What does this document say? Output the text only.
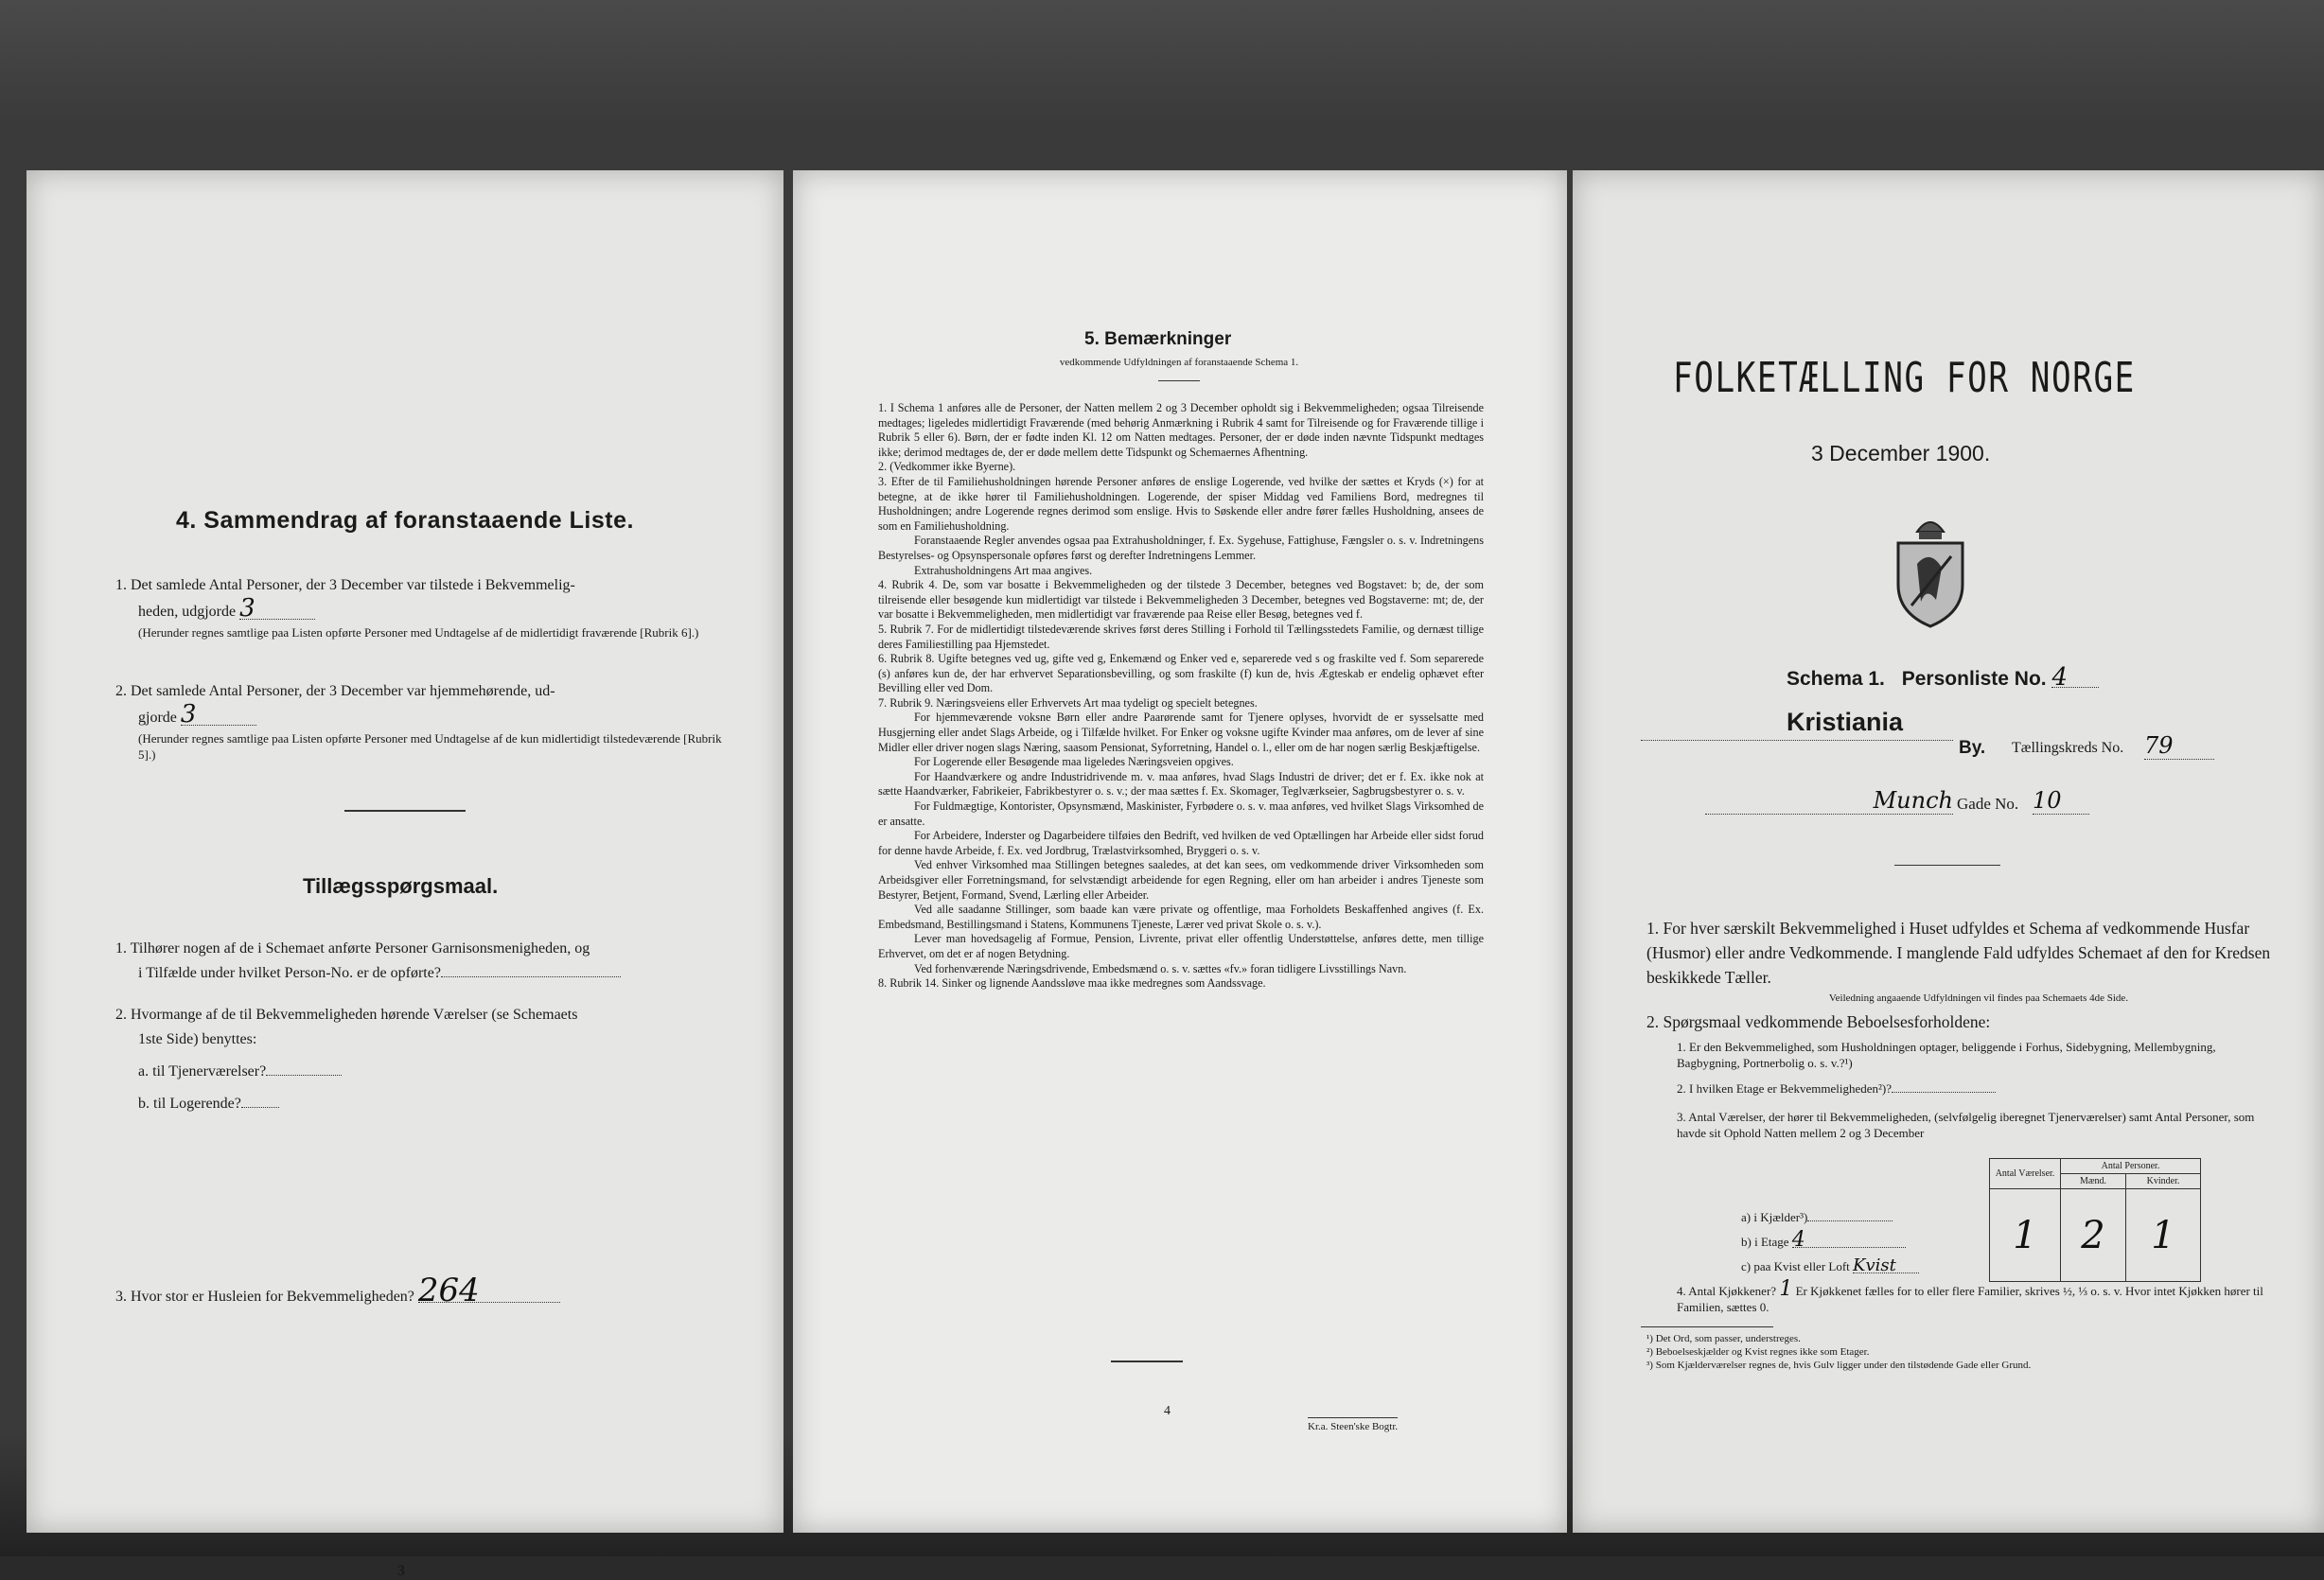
4. Sammendrag af foranstaaende Liste.
1. Det samlede Antal Personer, der 3 December var tilstede i Bekvemmelig-
heden, udgjorde 3
(Herunder regnes samtlige paa Listen opførte Personer med Undtagelse af de midlertidigt fraværende [Rubrik 6].)
2. Det samlede Antal Personer, der 3 December var hjemmehørende, ud-
gjorde 3
(Herunder regnes samtlige paa Listen opførte Personer med Undtagelse af de kun midlertidigt tilstedeværende [Rubrik 5].)
Tillægsspørgsmaal.
1. Tilhører nogen af de i Schemaet anførte Personer Garnisonsmenigheden, og
i Tilfælde under hvilket Person-No. er de opførte?
2. Hvormange af de til Bekvemmeligheden hørende Værelser (se Schemaets
1ste Side) benyttes:
a. til Tjenerværelser?
b. til Logerende?
3. Hvor stor er Husleien for Bekvemmeligheden? 264
3
5. Bemærkninger
vedkommende Udfyldningen af foranstaaende Schema 1.

1. I Schema 1 anføres alle de Personer, der Natten mellem 2 og 3 December opholdt sig i Bekvemmeligheden; ogsaa Tilreisende medtages; ligeledes midlertidigt Fraværende (med behørig Anmærkning i Rubrik 4 samt for Tilreisende og for Fraværende tillige i Rubrik 5 eller 6). Børn, der er fødte inden Kl. 12 om Natten medtages. Personer, der er døde inden nævnte Tidspunkt medtages ikke; derimod medtages de, der er døde mellem dette Tidspunkt og Schemaernes Afhentning.

2. (Vedkommer ikke Byerne).

3. Efter de til Familiehusholdningen hørende Personer anføres de enslige Logerende, ved hvilke der sættes et Kryds (×) for at betegne, at de ikke hører til Familiehusholdningen. Logerende, der spiser Middag ved Familiens Bord, medregnes til Husholdningen; andre Logerende regnes derimod som enslige. Hvis to Søskende eller andre fører fælles Husholdning, ansees de som en Familiehusholdning.

Foranstaaende Regler anvendes ogsaa paa Extrahusholdninger, f. Ex. Sygehuse, Fattighuse, Fængsler o. s. v. Indretningens Bestyrelses- og Opsynspersonale opføres først og derefter Indretningens Lemmer.

Extrahusholdningens Art maa angives.

4. Rubrik 4. De, som var bosatte i Bekvemmeligheden og der tilstede 3 December, betegnes ved Bogstavet: b; de, der som tilreisende eller besøgende kun midlertidigt var tilstede i Bekvemmeligheden 3 December, betegnes ved Bogstaverne: mt; de, der var bosatte i Bekvemmeligheden, men midlertidigt var fraværende paa Reise eller Besøg, betegnes ved f.

5. Rubrik 7. For de midlertidigt tilstedeværende skrives først deres Stilling i Forhold til Tællingsstedets Familie, og dernæst tillige deres Familiestilling paa Hjemstedet.

6. Rubrik 8. Ugifte betegnes ved ug, gifte ved g, Enkemænd og Enker ved e, separerede ved s og fraskilte ved f. Som separerede (s) anføres kun de, der har erhvervet Separationsbevilling, og som fraskilte (f) kun de, hvis Ægteskab er endelig ophævet efter Bevilling eller ved Dom.

7. Rubrik 9. Næringsveiens eller Erhvervets Art maa tydeligt og specielt betegnes.

For hjemmeværende voksne Børn eller andre Paarørende samt for Tjenere oplyses, hvorvidt de er sysselsatte med Husgjerning eller andet Slags Arbeide, og i Tilfælde hvilket. For Enker og voksne ugifte Kvinder maa anføres, om de lever af sine Midler eller driver nogen slags Næring, saasom Pensionat, Syforretning, Handel o. l., eller om de har nogen særlig Beskjæftigelse.

For Logerende eller Besøgende maa ligeledes Næringsveien opgives.

For Haandværkere og andre Industridrivende m. v. maa anføres, hvad Slags Industri de driver; det er f. Ex. ikke nok at sætte Haandværker, Fabrikeier, Fabrikbestyrer o. s. v.; der maa sættes f. Ex. Skomager, Teglværkseier, Sagbrugsbestyrer o. s. v.

For Fuldmægtige, Kontorister, Opsynsmænd, Maskinister, Fyrbødere o. s. v. maa anføres, ved hvilket Slags Virksomhed de er ansatte.

For Arbeidere, Inderster og Dagarbeidere tilføies den Bedrift, ved hvilken de ved Optællingen har Arbeide eller sidst forud for denne havde Arbeide, f. Ex. ved Jordbrug, Trælastvirksomhed, Bryggeri o. s. v.

Ved enhver Virksomhed maa Stillingen betegnes saaledes, at det kan sees, om vedkommende driver Virksomheden som Arbeidsgiver eller Forretningsmand, for selvstændigt arbeidende for egen Regning, eller om han arbeider i andres Tjeneste som Bestyrer, Betjent, Formand, Svend, Lærling eller Arbeider.

Ved alle saadanne Stillinger, som baade kan være private og offentlige, maa Forholdets Beskaffenhed angives (f. Ex. Embedsmand, Bestillingsmand i Statens, Kommunens Tjeneste, Lærer ved privat Skole o. s. v.).

Lever man hovedsagelig af Formue, Pension, Livrente, privat eller offentlig Understøttelse, anføres dette, men tillige Erhvervet, om det er af nogen Betydning.

Ved forhenværende Næringsdrivende, Embedsmænd o. s. v. sættes «fv.» foran tidligere Livsstillings Navn.

8. Rubrik 14. Sinker og lignende Aandssløve maa ikke medregnes som Aandssvage.

4
Kr.a. Steen'ske Bogtr.
FOLKETÆLLING FOR NORGE
3 December 1900.
Schema 1. Personliste No. 4
Kristiania
By. Tællingskreds No. 79
Munch Gade No. 10
1. For hver særskilt Bekvemmelighed i Huset udfyldes et Schema af vedkommende Husfar (Husmor) eller andre Vedkommende. I manglende Fald udfyldes Schemaet af den for Kredsen beskikkede Tæller.
Veiledning angaaende Udfyldningen vil findes paa Schemaets 4de Side.
2. Spørgsmaal vedkommende Beboelsesforholdene:
1. Er den Bekvemmelighed, som Husholdningen optager, beliggende i Forhus, Sidebygning, Mellembygning, Bagbygning, Portnerbolig o. s. v.?¹)
2. I hvilken Etage er Bekvemmeligheden²)?
3. Antal Værelser, der hører til Bekvemmeligheden, (selvfølgelig iberegnet Tjenerværelser) samt Antal Personer, som havde sit Ophold Natten mellem 2 og 3 December
Antal Værelser.	Antal Personer.	
	Mænd.	Kvinder.
1	2	1
a) i Kjælder³)
b) i Etage 4
c) paa Kvist eller Loft Kvist
4. Antal Kjøkkener? 1 Er Kjøkkenet fælles for to eller flere Familier, skrives ½, ⅓ o. s. v. Hvor intet Kjøkken hører til Familien, sættes 0.
¹) Det Ord, som passer, understreges.
²) Beboelseskjælder og Kvist regnes ikke som Etager.
³) Som Kjælderværelser regnes de, hvis Gulv ligger under den tilstødende Gade eller Grund.
